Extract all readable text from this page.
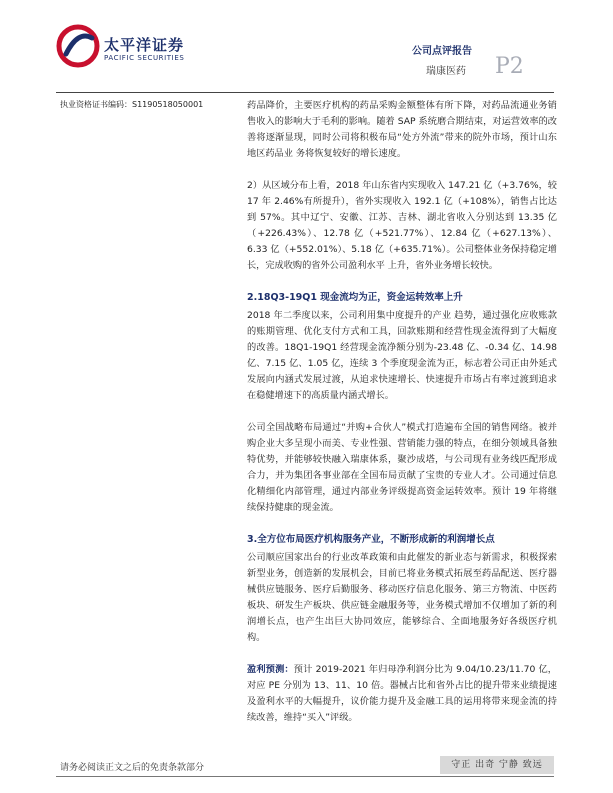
太平洋证券
PACIFIC SECURITIES
公司点评报告
瑞康医药 P2
执业资格证书编码：S1190518050001	药品降价，主要医疗机构的药品采购金额整体有所下降，对药品流通业务销售收入的影响大于毛利的影响。随着 SAP 系统磨合期结束，对运营效率的改善将逐渐显现，同时公司将积极布局“处方外流”带来的院外市场，预计山东地区药品业 务将恢复较好的增长速度。

2）从区域分布上看，2018 年山东省内实现收入 147.21 亿（+3.76%，较 17 年 2.46%有所提升），省外实现收入 192.1 亿（+108%），销售占比达到 57%。其中辽宁、安徽、江苏、吉林、湖北省收入分别达到 13.35 亿（+226.43%）、12.78 亿（+521.77%）、12.84 亿（+627.13%）、6.33 亿（+552.01%）、5.18 亿（+635.71%）。公司整体业务保持稳定增长，完成收购的省外公司盈利水平 上升，省外业务增长较快。

2.18Q3-19Q1 现金流均为正，资金运转效率上升

2018 年二季度以来，公司利用集中度提升的产业 趋势，通过强化应收账款的账期管理、优化支付方式和工具，回款账期和经营性现金流得到了大幅度的改善。18Q1-19Q1 经营现金流净额分别为-23.48 亿、-0.34 亿、14.98 亿、7.15 亿、1.05 亿，连续 3 个季度现金流为正，标志着公司正由外延式发展向内涵式发展过渡，从追求快速增长、快速提升市场占有率过渡到追求在稳健增速下的高质量内涵式增长。

公司全国战略布局通过“并购+合伙人”模式打造遍布全国的销售网络。被并购企业大多呈现小而美、专业性强、营销能力强的特点，在细分领域具备独特优势，并能够较快融入瑞康体系，聚沙成塔，与公司现有业务线匹配形成合力，并为集团各事业部在全国布局贡献了宝贵的专业人才。公司通过信息化精细化内部管理，通过内部业务评级提高资金运转效率。预计 19 年将继续保持健康的现金流。

3.全方位布局医疗机构服务产业，不断形成新的利润增长点

公司顺应国家出台的行业改革政策和由此催发的新业态与新需求，积极探索新型业务，创造新的发展机会，目前已将业务模式拓展至药品配送、医疗器械供应链服务、医疗后勤服务、移动医疗信息化服务、第三方物流、中医药板块、研发生产板块、供应链金融服务等，业务模式增加不仅增加了新的利润增长点，也产生出巨大协同效应，能够综合、全面地服务好各级医疗机构。

盈利预测：预计 2019-2021 年归母净利润分比为 9.04/10.23/11.70 亿，对应 PE 分别为 13、11、10 倍。器械占比和省外占比的提升带来业绩提速及盈利水平的大幅提升，议价能力提升及金融工具的运用将带来现金流的持续改善，维持“买入”评级。

请务必阅读正文之后的免责条款部分	守正 出奇 宁静 致远
